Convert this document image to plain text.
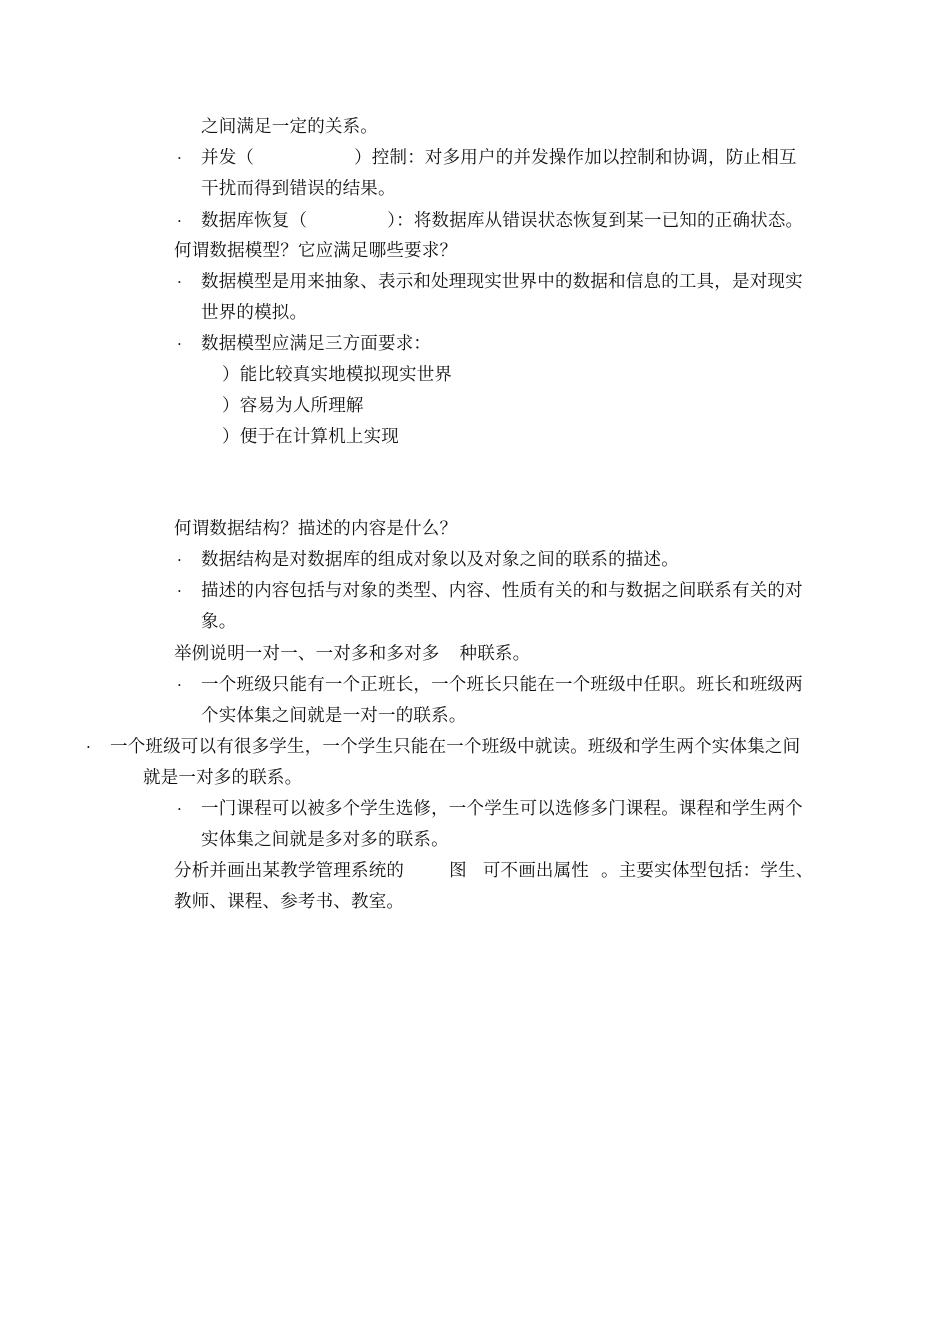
之间满足一定的关系。
· 并发（	）控制：对多用户的并发操作加以控制和协调，防止相互
干扰而得到错误的结果。
· 数据库恢复（	）：将数据库从错误状态恢复到某一已知的正确状态。
何谓数据模型？它应满足哪些要求？
· 数据模型是用来抽象、表示和处理现实世界中的数据和信息的工具，是对现实
世界的模拟。
· 数据模型应满足三方面要求：
）能比较真实地模拟现实世界
）容易为人所理解
）便于在计算机上实现
何谓数据结构？描述的内容是什么？
· 数据结构是对数据库的组成对象以及对象之间的联系的描述。
· 描述的内容包括与对象的类型、内容、性质有关的和与数据之间联系有关的对
象。
举例说明一对一、一对多和多对多 种联系。
· 一个班级只能有一个正班长，一个班长只能在一个班级中任职。班长和班级两
个实体集之间就是一对一的联系。
· 一个班级可以有很多学生，一个学生只能在一个班级中就读。班级和学生两个实体集之间
就是一对多的联系。
· 一门课程可以被多个学生选修，一个学生可以选修多门课程。课程和学生两个
实体集之间就是多对多的联系。
分析并画出某教学管理系统的	图 可不画出属性 。主要实体型包括：学生、
教师、课程、参考书、教室。
